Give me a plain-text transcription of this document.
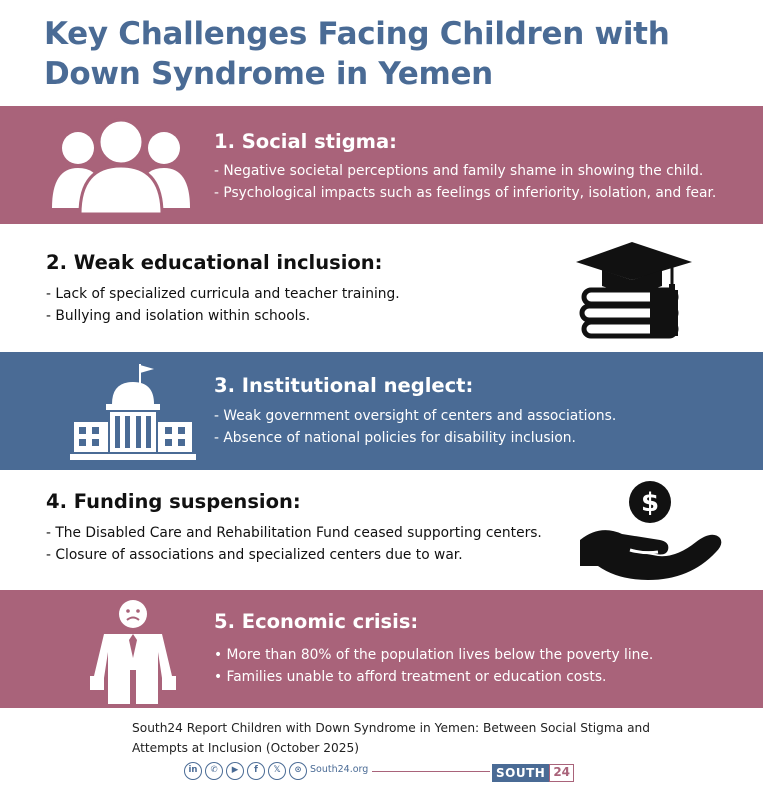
Key Challenges Facing Children with Down Syndrome in Yemen
1. Social stigma:
- Negative societal perceptions and family shame in showing the child.
- Psychological impacts such as feelings of inferiority, isolation, and fear.
2. Weak educational inclusion:
- Lack of specialized curricula and teacher training.
- Bullying and isolation within schools.
3. Institutional neglect:
- Weak government oversight of centers and associations.
- Absence of national policies for disability inclusion.
4. Funding suspension:
- The Disabled Care and Rehabilitation Fund ceased supporting centers.
- Closure of associations and specialized centers due to war.
$
5. Economic crisis:
• More than 80% of the population lives below the poverty line.
• Families unable to afford treatment or education costs.
South24 Report Children with Down Syndrome in Yemen: Between Social Stigma and Attempts at Inclusion (October 2025)
in	✆	▶	f	𝕏	⊙ South24.org	SOUTH 24
